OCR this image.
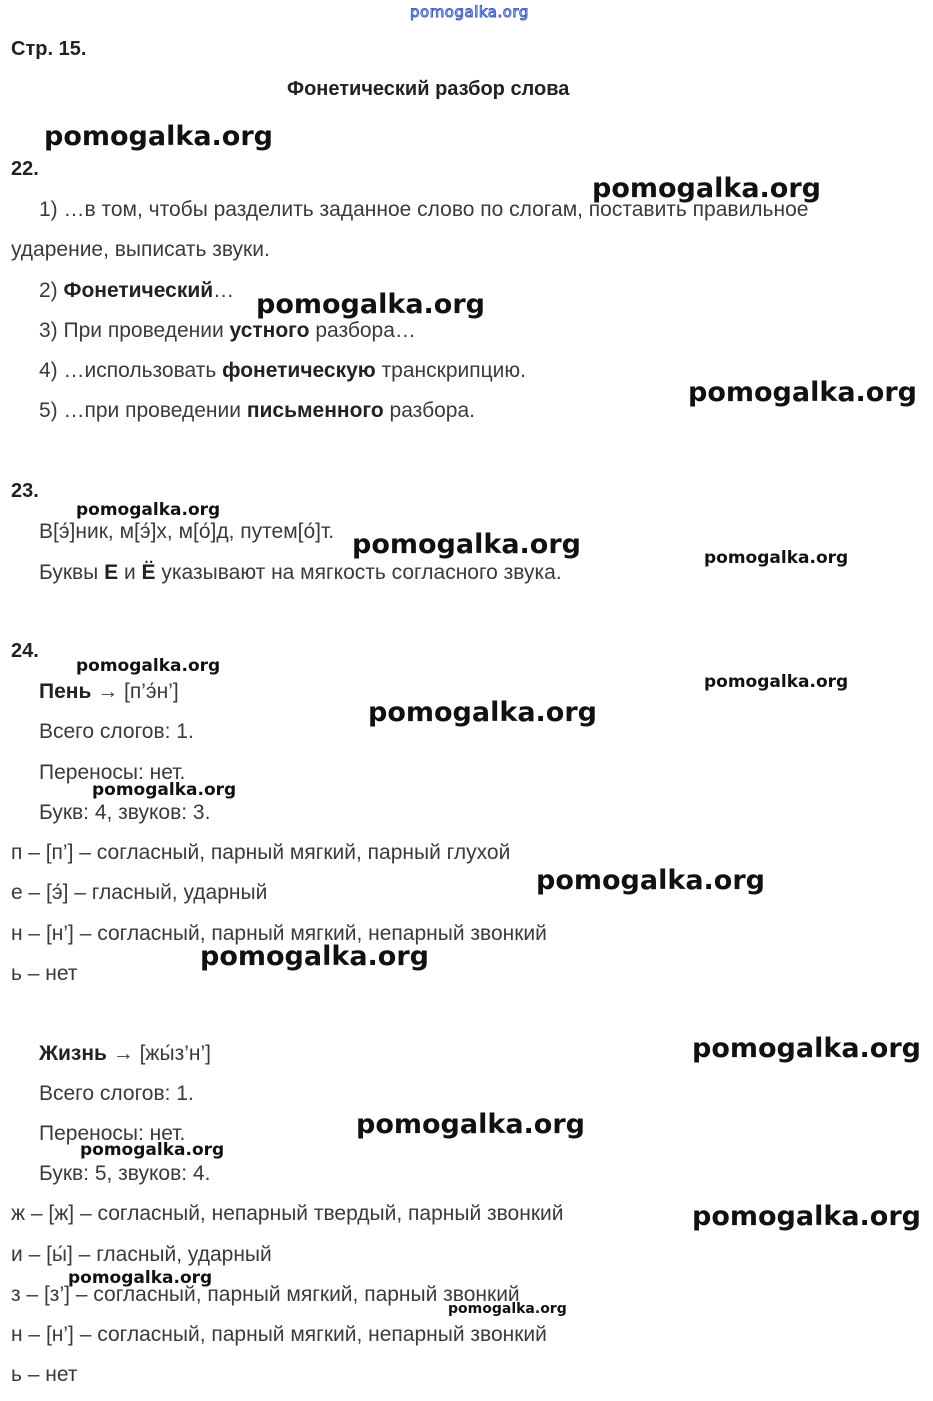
pomogalka.org
Стр. 15.
Фонетический разбор слова
22.
1) …в том, чтобы разделить заданное слово по слогам, поставить правильное
ударение, выписать звуки.
2) Фонетический…
3) При проведении устного разбора…
4) …использовать фонетическую транскрипцию.
5) …при проведении письменного разбора.
23.
В[э́]ник, м[э́]х, м[о́]д, путем[о́]т.
Буквы Е и Ё указывают на мягкость согласного звука.
24.
Пень → [п’э́н’]
Всего слогов: 1.
Переносы: нет.
Букв: 4, звуков: 3.
п – [п’] – согласный, парный мягкий, парный глухой
е – [э́] – гласный, ударный
н – [н’] – согласный, парный мягкий, непарный звонкий
ь – нет
Жизнь → [жы́з’н’]
Всего слогов: 1.
Переносы: нет.
Букв: 5, звуков: 4.
ж – [ж] – согласный, непарный твердый, парный звонкий
и – [ы́] – гласный, ударный
з – [з’] – согласный, парный мягкий, парный звонкий
н – [н’] – согласный, парный мягкий, непарный звонкий
ь – нет
pomogalka.org
pomogalka.org
pomogalka.org
pomogalka.org
pomogalka.org
pomogalka.org	pomogalka.org
pomogalka.org
pomogalka.org
pomogalka.org
pomogalka.org
pomogalka.org
pomogalka.org
pomogalka.org
pomogalka.org
pomogalka.org
pomogalka.org
pomogalka.org
pomogalka.org
